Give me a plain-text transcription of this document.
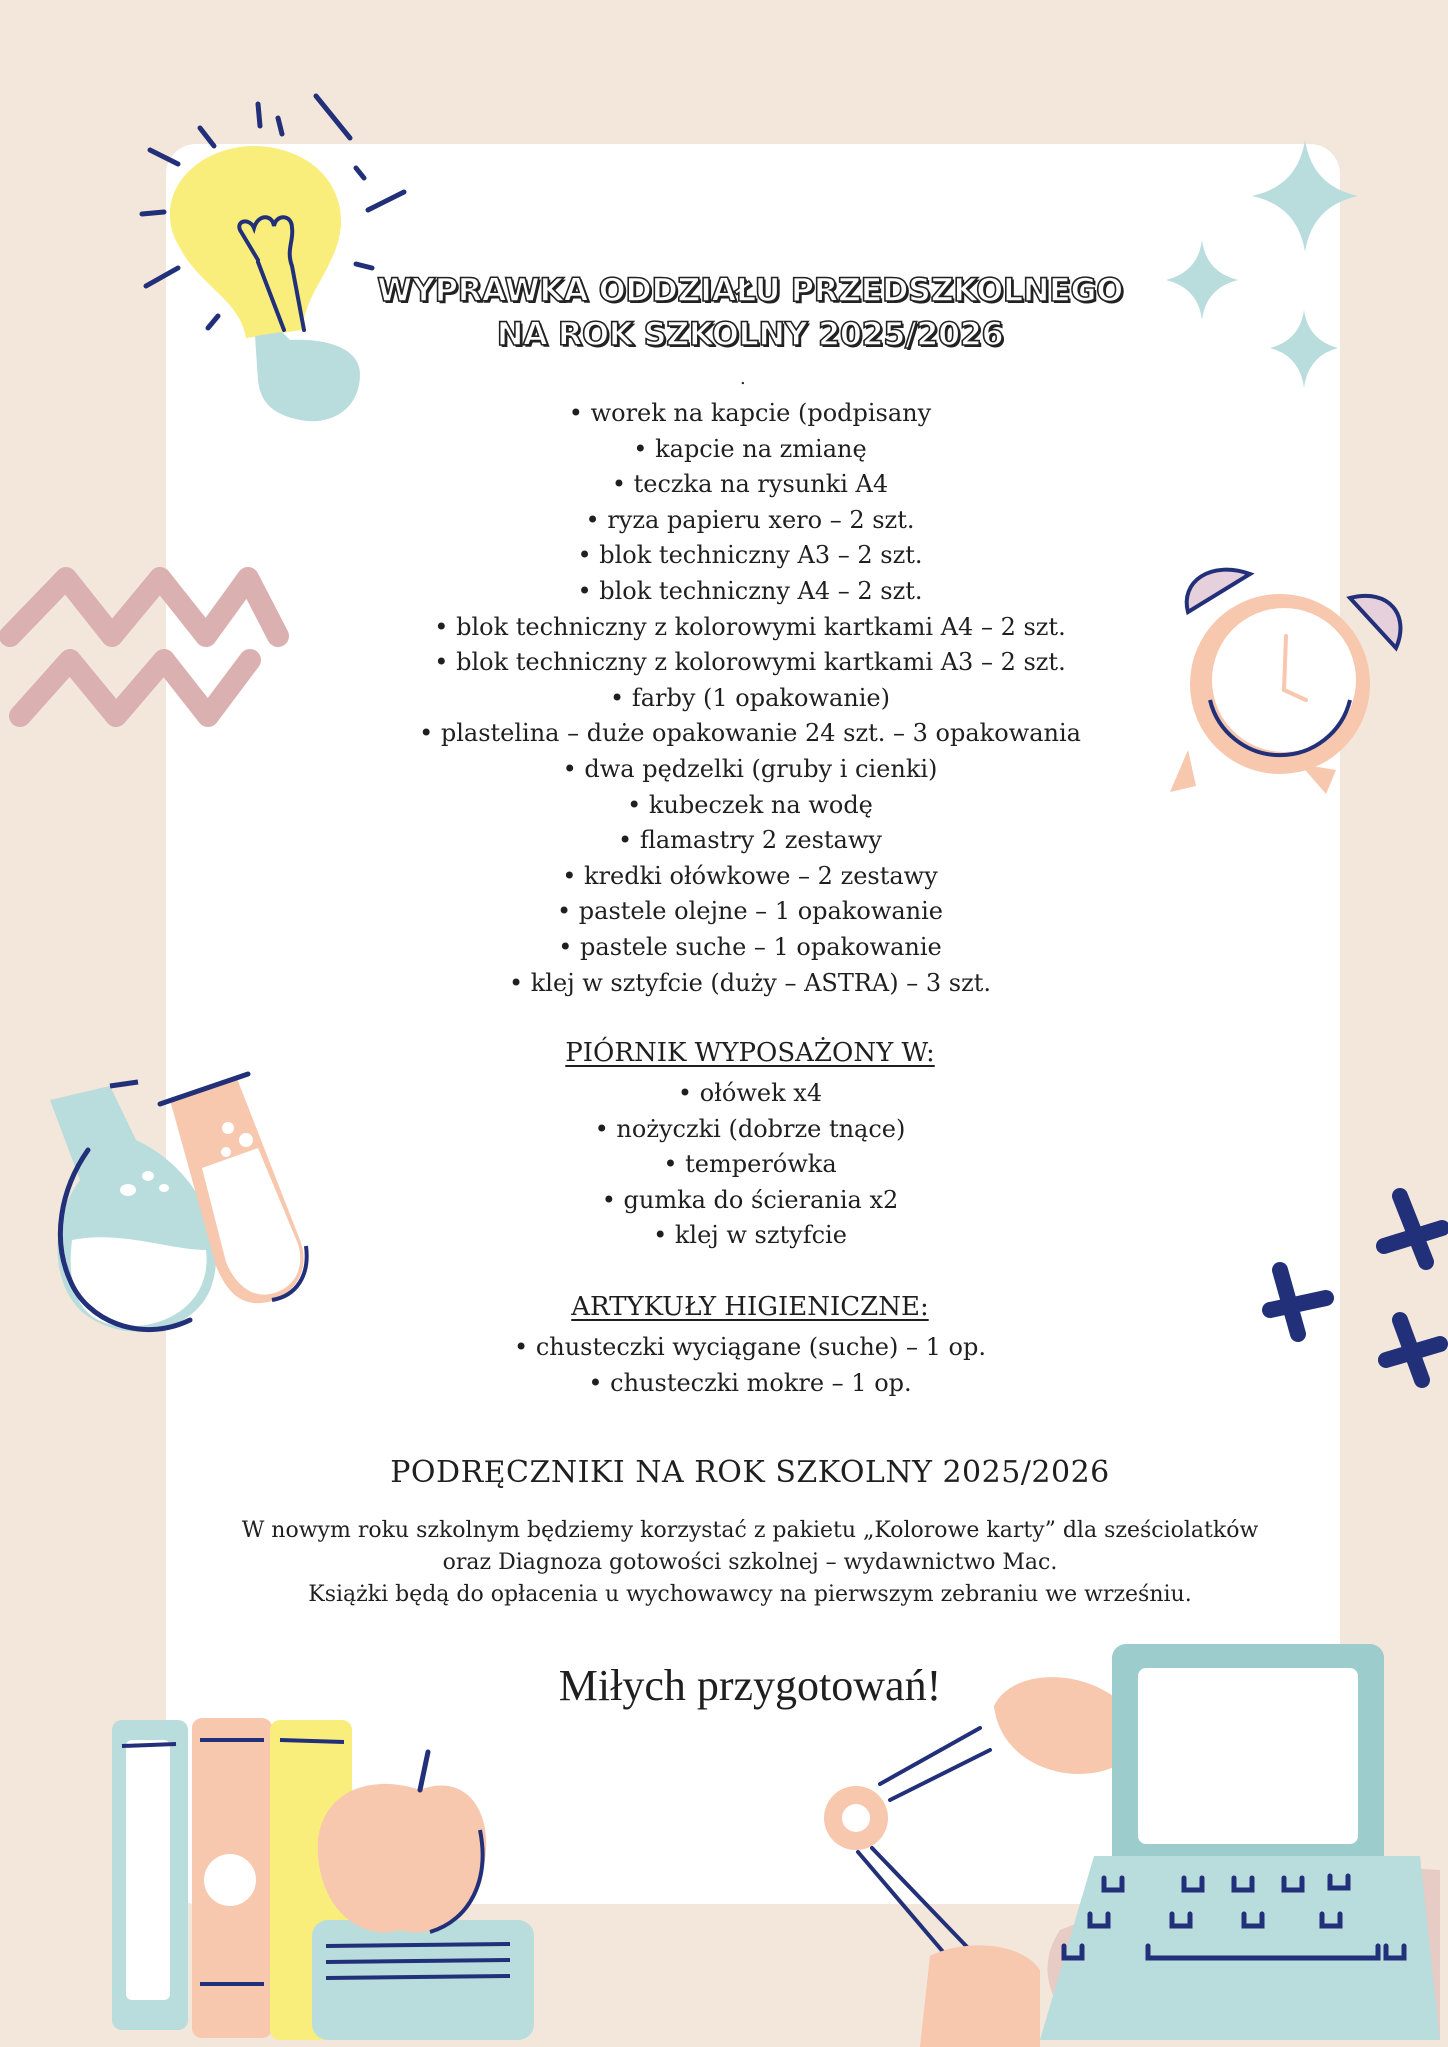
WYPRAWKA ODDZIAŁU PRZEDSZKOLNEGO
NA ROK SZKOLNY 2025/2026
.
• worek na kapcie (podpisany
• kapcie na zmianę
• teczka na rysunki A4
• ryza papieru xero – 2 szt.
• blok techniczny A3 – 2 szt.
• blok techniczny A4 – 2 szt.
• blok techniczny z kolorowymi kartkami A4 – 2 szt.
• blok techniczny z kolorowymi kartkami A3 – 2 szt.
• farby (1 opakowanie)
• plastelina – duże opakowanie 24 szt. – 3 opakowania
• dwa pędzelki (gruby i cienki)
• kubeczek na wodę
• flamastry 2 zestawy
• kredki ołówkowe – 2 zestawy
• pastele olejne – 1 opakowanie
• pastele suche – 1 opakowanie
• klej w sztyfcie (duży – ASTRA) – 3 szt.
PIÓRNIK WYPOSAŻONY W:
• ołówek x4
• nożyczki (dobrze tnące)
• temperówka
• gumka do ścierania x2
• klej w sztyfcie
ARTYKUŁY HIGIENICZNE:
• chusteczki wyciągane (suche) – 1 op.
• chusteczki mokre – 1 op.
PODRĘCZNIKI NA ROK SZKOLNY 2025/2026
W nowym roku szkolnym będziemy korzystać z pakietu „Kolorowe karty” dla sześciolatków
oraz Diagnoza gotowości szkolnej – wydawnictwo Mac.
Książki będą do opłacenia u wychowawcy na pierwszym zebraniu we wrześniu.
Miłych przygotowań!
